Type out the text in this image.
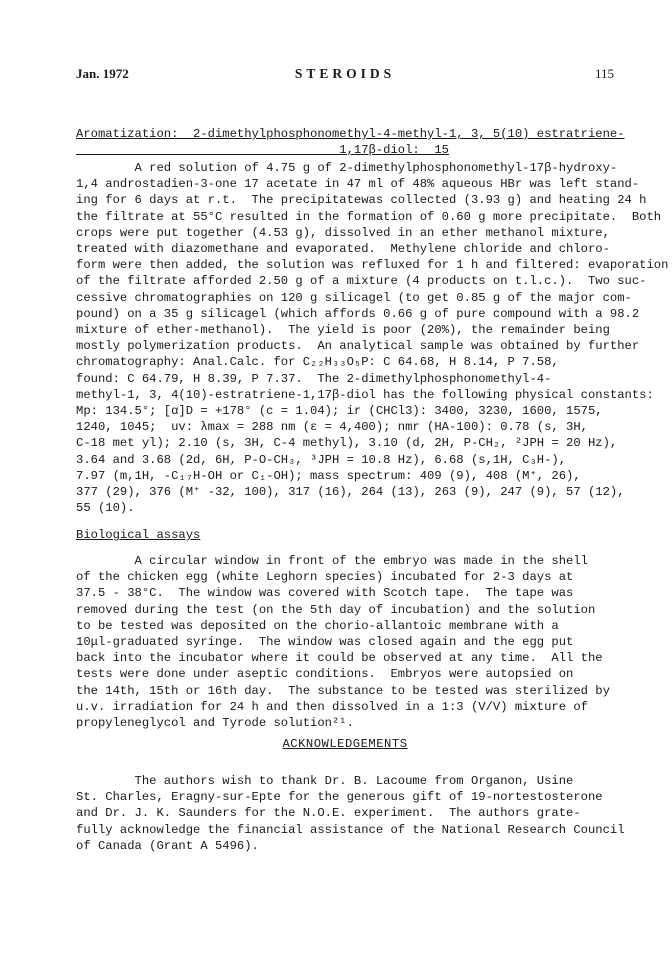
Jan. 1972	STEROIDS	115
Aromatization:  2-dimethylphosphonomethyl-4-methyl-1, 3, 5(10) estratriene-
1,17β-diol:  15
A red solution of 4.75 g of 2-dimethylphosphonomethyl-17β-hydroxy-
1,4 androstadien-3-one 17 acetate in 47 ml of 48% aqueous HBr was left stand-
ing for 6 days at r.t.  The precipitatewas collected (3.93 g) and heating 24 h
the filtrate at 55°C resulted in the formation of 0.60 g more precipitate.  Both
crops were put together (4.53 g), dissolved in an ether methanol mixture,
treated with diazomethane and evaporated.  Methylene chloride and chloro-
form were then added, the solution was refluxed for 1 h and filtered: evaporation
of the filtrate afforded 2.50 g of a mixture (4 products on t.l.c.).  Two suc-
cessive chromatographies on 120 g silicagel (to get 0.85 g of the major com-
pound) on a 35 g silicagel (which affords 0.66 g of pure compound with a 98.2
mixture of ether-methanol).  The yield is poor (20%), the remainder being
mostly polymerization products.  An analytical sample was obtained by further
chromatography: Anal.Calc. for C₂₂H₃₃O₅P: C 64.68, H 8.14, P 7.58,
found: C 64.79, H 8.39, P 7.37.  The 2-dimethylphosphonomethyl-4-
methyl-1, 3, 4(10)-estratriene-1,17β-diol has the following physical constants:
Mp: 134.5°; [α]D = +178° (c = 1.04); ir (CHCl3): 3400, 3230, 1600, 1575,
1240, 1045;  uv: λmax = 288 nm (ε = 4,400); nmr (HA-100): 0.78 (s, 3H,
C-18 met yl); 2.10 (s, 3H, C-4 methyl), 3.10 (d, 2H, P-CH₂, ²JPH = 20 Hz),
3.64 and 3.68 (2d, 6H, P-O-CH₃, ³JPH = 10.8 Hz), 6.68 (s,1H, C₃H-),
7.97 (m,1H, -C₁₇H-OH or C₁-OH); mass spectrum: 409 (9), 408 (M⁺, 26),
377 (29), 376 (M⁺ -32, 100), 317 (16), 264 (13), 263 (9), 247 (9), 57 (12),
55 (10).
Biological assays
A circular window in front of the embryo was made in the shell
of the chicken egg (white Leghorn species) incubated for 2-3 days at
37.5 - 38°C.  The window was covered with Scotch tape.  The tape was
removed during the test (on the 5th day of incubation) and the solution
to be tested was deposited on the chorio-allantoic membrane with a
10μl-graduated syringe.  The window was closed again and the egg put
back into the incubator where it could be observed at any time.  All the
tests were done under aseptic conditions.  Embryos were autopsied on
the 14th, 15th or 16th day.  The substance to be tested was sterilized by
u.v. irradiation for 24 h and then dissolved in a 1:3 (V/V) mixture of
propyleneglycol and Tyrode solution²¹.
ACKNOWLEDGEMENTS
The authors wish to thank Dr. B. Lacoume from Organon, Usine
St. Charles, Eragny-sur-Epte for the generous gift of 19-nortestosterone
and Dr. J. K. Saunders for the N.O.E. experiment.  The authors grate-
fully acknowledge the financial assistance of the National Research Council
of Canada (Grant A 5496).
